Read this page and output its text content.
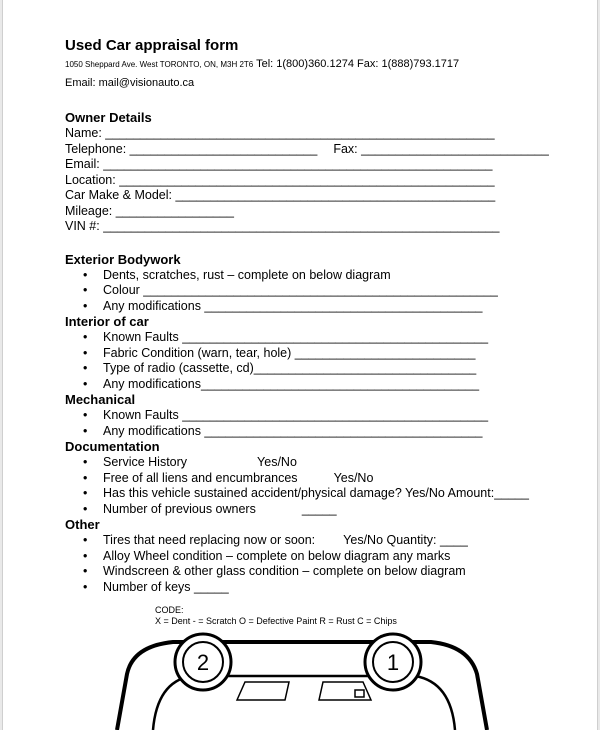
Used Car appraisal form
1050 Sheppard Ave. West TORONTO, ON, M3H 2T6 Tel: 1(800)360.1274 Fax: 1(888)793.1717
Email: mail@visionauto.ca
Owner Details
Name: ________________________________________________________
Telephone: ___________________________ Fax: ___________________________
Email: ________________________________________________________
Location: ______________________________________________________
Car Make & Model: ______________________________________________
Mileage: _________________
VIN #: _________________________________________________________
Exterior Bodywork
• Dents, scratches, rust – complete on below diagram
• Colour ___________________________________________________
• Any modifications ________________________________________
Interior of car
• Known Faults ____________________________________________
• Fabric Condition (warn, tear, hole) __________________________
• Type of radio (cassette, cd)________________________________
• Any modifications________________________________________
Mechanical
• Known Faults ____________________________________________
• Any modifications ________________________________________
Documentation
• Service History	Yes/No
• Free of all liens and encumbrances	Yes/No
• Has this vehicle sustained accident/physical damage? Yes/No Amount:_____
• Number of previous owners	_____
Other
• Tires that need replacing now or soon: Yes/No Quantity: ____
• Alloy Wheel condition – complete on below diagram any marks
• Windscreen & other glass condition – complete on below diagram
• Number of keys _____
CODE:
X = Dent - = Scratch O = Defective Paint R = Rust C = Chips
2	1
